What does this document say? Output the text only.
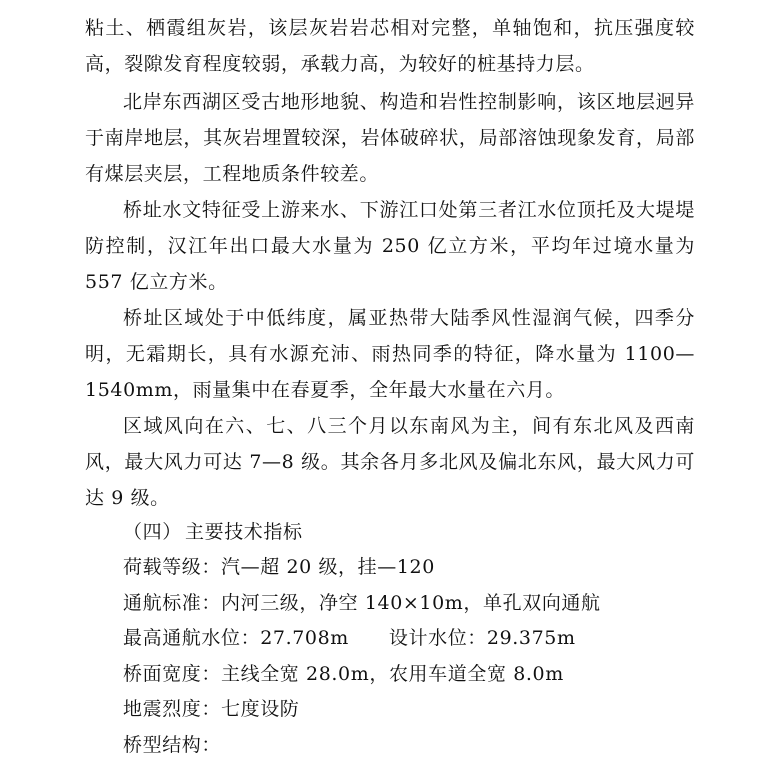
粘土、栖霞组灰岩，该层灰岩岩芯相对完整，单轴饱和，抗压强度较高，裂隙发育程度较弱，承载力高，为较好的桩基持力层。

北岸东西湖区受古地形地貌、构造和岩性控制影响，该区地层迥异于南岸地层，其灰岩埋置较深，岩体破碎状，局部溶蚀现象发育，局部有煤层夹层，工程地质条件较差。

桥址水文特征受上游来水、下游江口处第三者江水位顶托及大堤堤防控制，汉江年出口最大水量为 250 亿立方米，平均年过境水量为 557 亿立方米。

桥址区域处于中低纬度，属亚热带大陆季风性湿润气候，四季分明，无霜期长，具有水源充沛、雨热同季的特征，降水量为 1100—1540mm，雨量集中在春夏季，全年最大水量在六月。

区域风向在六、七、八三个月以东南风为主，间有东北风及西南风，最大风力可达 7—8 级。其余各月多北风及偏北东风，最大风力可达 9 级。

（四） 主要技术指标

荷载等级：汽—超 20 级，挂—120

通航标准：内河三级，净空 140×10m，单孔双向通航

最高通航水位：27.708m 设计水位：29.375m

桥面宽度：主线全宽 28.0m，农用车道全宽 8.0m

地震烈度：七度设防

桥型结构：
